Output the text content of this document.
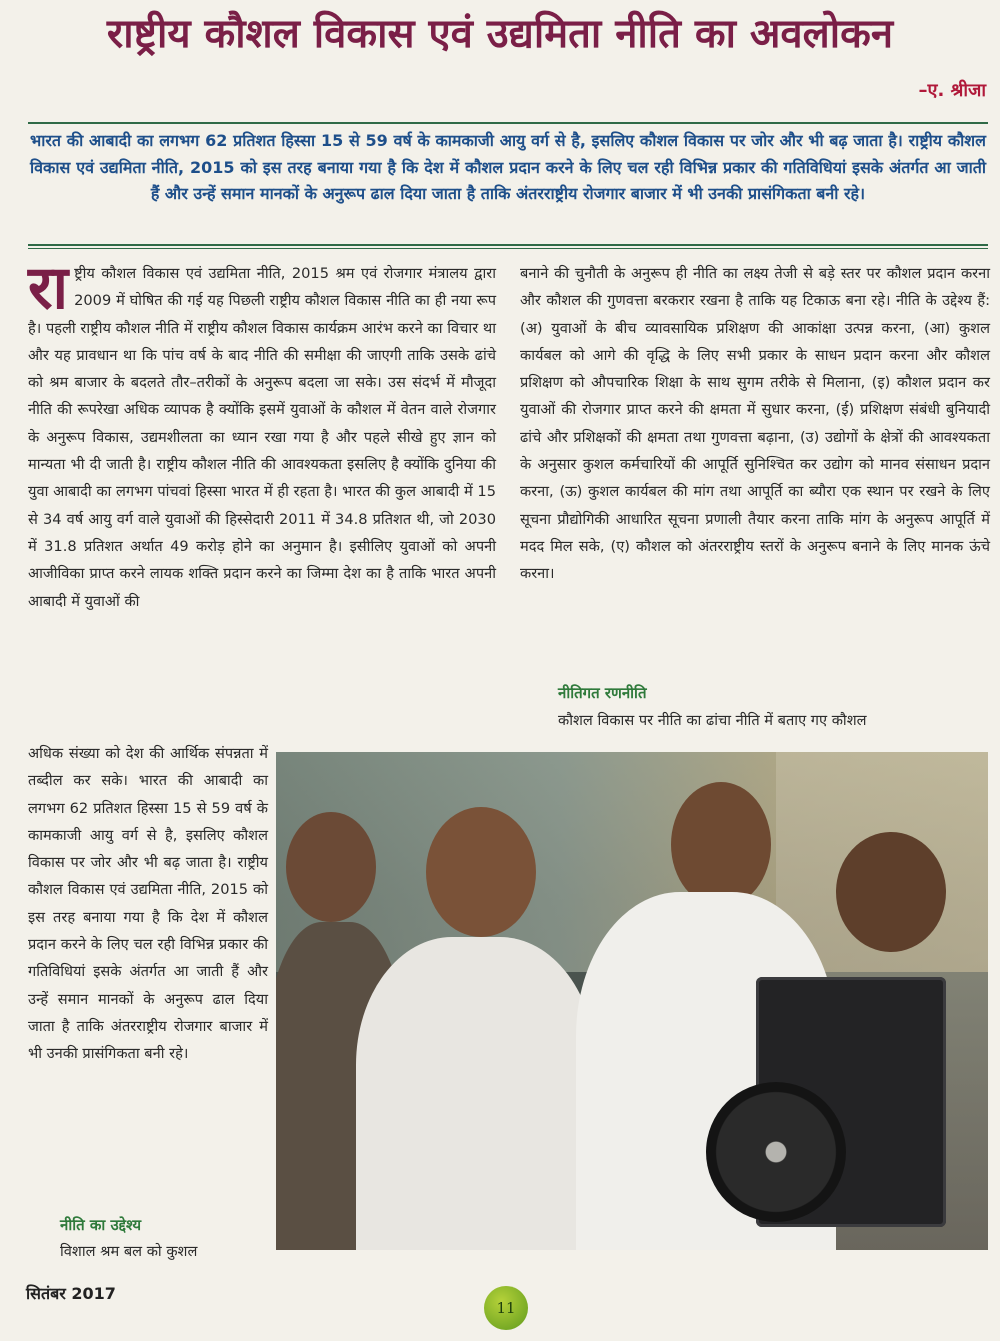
राष्ट्रीय कौशल विकास एवं उद्यमिता नीति का अवलोकन
–ए. श्रीजा
भारत की आबादी का लगभग 62 प्रतिशत हिस्सा 15 से 59 वर्ष के कामकाजी आयु वर्ग से है, इसलिए कौशल विकास पर जोर और भी बढ़ जाता है। राष्ट्रीय कौशल विकास एवं उद्यमिता नीति, 2015 को इस तरह बनाया गया है कि देश में कौशल प्रदान करने के लिए चल रही विभिन्न प्रकार की गतिविधियां इसके अंतर्गत आ जाती हैं और उन्हें समान मानकों के अनुरूप ढाल दिया जाता है ताकि अंतरराष्ट्रीय रोजगार बाजार में भी उनकी प्रासंगिकता बनी रहे।
राष्ट्रीय कौशल विकास एवं उद्यमिता नीति, 2015 श्रम एवं रोजगार मंत्रालय द्वारा 2009 में घोषित की गई यह पिछली राष्ट्रीय कौशल विकास नीति का ही नया रूप है। पहली राष्ट्रीय कौशल नीति में राष्ट्रीय कौशल विकास कार्यक्रम आरंभ करने का विचार था और यह प्रावधान था कि पांच वर्ष के बाद नीति की समीक्षा की जाएगी ताकि उसके ढांचे को श्रम बाजार के बदलते तौर–तरीकों के अनुरूप बदला जा सके। उस संदर्भ में मौजूदा नीति की रूपरेखा अधिक व्यापक है क्योंकि इसमें युवाओं के कौशल में वेतन वाले रोजगार के अनुरूप विकास, उद्यमशीलता का ध्यान रखा गया है और पहले सीखे हुए ज्ञान को मान्यता भी दी जाती है। राष्ट्रीय कौशल नीति की आवश्यकता इसलिए है क्योंकि दुनिया की युवा आबादी का लगभग पांचवां हिस्सा भारत में ही रहता है। भारत की कुल आबादी में 15 से 34 वर्ष आयु वर्ग वाले युवाओं की हिस्सेदारी 2011 में 34.8 प्रतिशत थी, जो 2030 में 31.8 प्रतिशत अर्थात 49 करोड़ होने का अनुमान है। इसीलिए युवाओं को अपनी आजीविका प्राप्त करने लायक शक्ति प्रदान करने का जिम्मा देश का है ताकि भारत अपनी आबादी में युवाओं की
अधिक संख्या को देश की आर्थिक संपन्नता में तब्दील कर सके। भारत की आबादी का लगभग 62 प्रतिशत हिस्सा 15 से 59 वर्ष के कामकाजी आयु वर्ग से है, इसलिए कौशल विकास पर जोर और भी बढ़ जाता है। राष्ट्रीय कौशल विकास एवं उद्यमिता नीति, 2015 को इस तरह बनाया गया है कि देश में कौशल प्रदान करने के लिए चल रही विभिन्न प्रकार की गतिविधियां इसके अंतर्गत आ जाती हैं और उन्हें समान मानकों के अनुरूप ढाल दिया जाता है ताकि अंतरराष्ट्रीय रोजगार बाजार में भी उनकी प्रासंगिकता बनी रहे।
नीति का उद्देश्य
विशाल श्रम बल को कुशल
बनाने की चुनौती के अनुरूप ही नीति का लक्ष्य तेजी से बड़े स्तर पर कौशल प्रदान करना और कौशल की गुणवत्ता बरकरार रखना है ताकि यह टिकाऊ बना रहे। नीति के उद्देश्य हैं: (अ) युवाओं के बीच व्यावसायिक प्रशिक्षण की आकांक्षा उत्पन्न करना, (आ) कुशल कार्यबल को आगे की वृद्धि के लिए सभी प्रकार के साधन प्रदान करना और कौशल प्रशिक्षण को औपचारिक शिक्षा के साथ सुगम तरीके से मिलाना, (इ) कौशल प्रदान कर युवाओं की रोजगार प्राप्त करने की क्षमता में सुधार करना, (ई) प्रशिक्षण संबंधी बुनियादी ढांचे और प्रशिक्षकों की क्षमता तथा गुणवत्ता बढ़ाना, (उ) उद्योगों के क्षेत्रों की आवश्यकता के अनुसार कुशल कर्मचारियों की आपूर्ति सुनिश्चित कर उद्योग को मानव संसाधन प्रदान करना, (ऊ) कुशल कार्यबल की मांग तथा आपूर्ति का ब्यौरा एक स्थान पर रखने के लिए सूचना प्रौद्योगिकी आधारित सूचना प्रणाली तैयार करना ताकि मांग के अनुरूप आपूर्ति में मदद मिल सके, (ए) कौशल को अंतरराष्ट्रीय स्तरों के अनुरूप बनाने के लिए मानक ऊंचे करना।
नीतिगत रणनीति
कौशल विकास पर नीति का ढांचा नीति में बताए गए कौशल
सितंबर 2017
11
